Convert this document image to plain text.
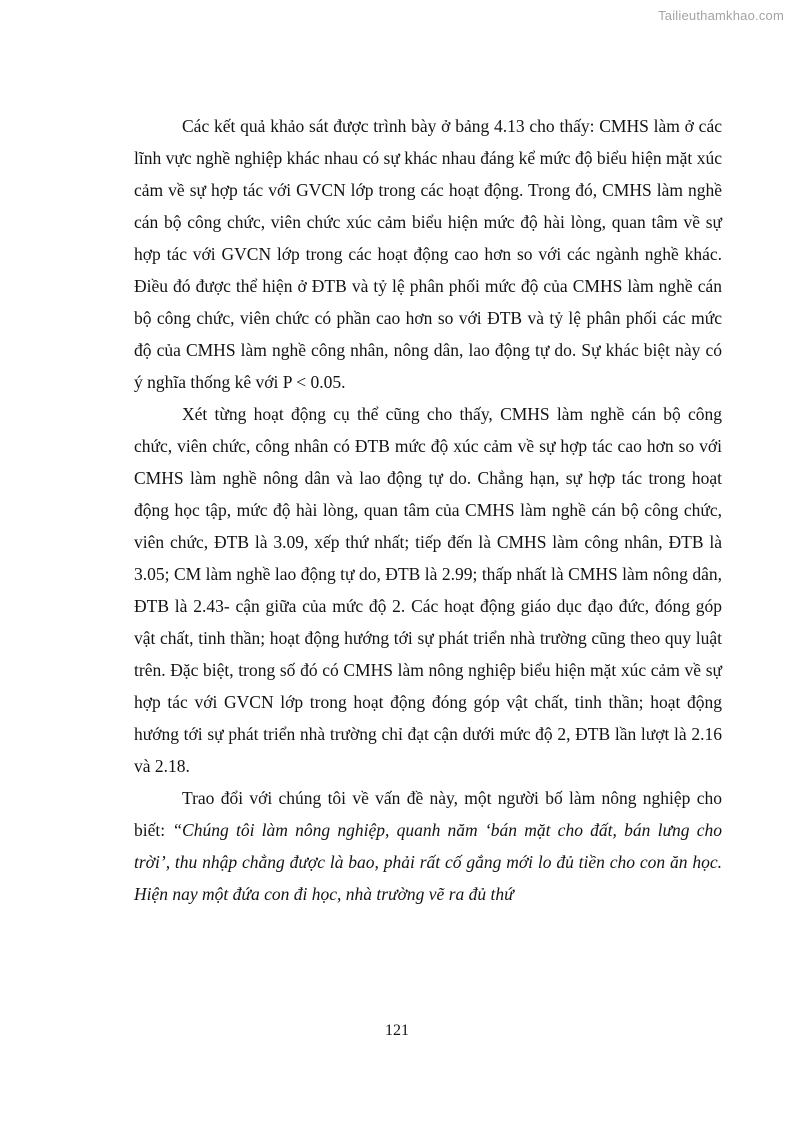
Tailieuthamkhao.com

Các kết quả khảo sát được trình bày ở bảng 4.13 cho thấy: CMHS làm ở các lĩnh vực nghề nghiệp khác nhau có sự khác nhau đáng kể mức độ biểu hiện mặt xúc cảm về sự hợp tác với GVCN lớp trong các hoạt động. Trong đó, CMHS làm nghề cán bộ công chức, viên chức xúc cảm biểu hiện mức độ hài lòng, quan tâm về sự hợp tác với GVCN lớp trong các hoạt động cao hơn so với các ngành nghề khác. Điều đó được thể hiện ở ĐTB và tỷ lệ phân phối mức độ của CMHS làm nghề cán bộ công chức, viên chức có phần cao hơn so với ĐTB và tỷ lệ phân phối các mức độ của CMHS làm nghề công nhân, nông dân, lao động tự do. Sự khác biệt này có ý nghĩa thống kê với P < 0.05.

Xét từng hoạt động cụ thể cũng cho thấy, CMHS làm nghề cán bộ công chức, viên chức, công nhân có ĐTB mức độ xúc cảm về sự hợp tác cao hơn so với CMHS làm nghề nông dân và lao động tự do. Chẳng hạn, sự hợp tác trong hoạt động học tập, mức độ hài lòng, quan tâm của CMHS làm nghề cán bộ công chức, viên chức, ĐTB là 3.09, xếp thứ nhất; tiếp đến là CMHS làm công nhân, ĐTB là 3.05; CM làm nghề lao động tự do, ĐTB là 2.99; thấp nhất là CMHS làm nông dân, ĐTB là 2.43- cận giữa của mức độ 2. Các hoạt động giáo dục đạo đức, đóng góp vật chất, tinh thần; hoạt động hướng tới sự phát triển nhà trường cũng theo quy luật trên. Đặc biệt, trong số đó có CMHS làm nông nghiệp biểu hiện mặt xúc cảm về sự hợp tác với GVCN lớp trong hoạt động đóng góp vật chất, tinh thần; hoạt động hướng tới sự phát triển nhà trường chỉ đạt cận dưới mức độ 2, ĐTB lần lượt là 2.16 và 2.18.

Trao đổi với chúng tôi về vấn đề này, một người bố làm nông nghiệp cho biết: “Chúng tôi làm nông nghiệp, quanh năm ‘bán mặt cho đất, bán lưng cho trời’, thu nhập chẳng được là bao, phải rất cố gắng mới lo đủ tiền cho con ăn học. Hiện nay một đứa con đi học, nhà trường vẽ ra đủ thứ

121
